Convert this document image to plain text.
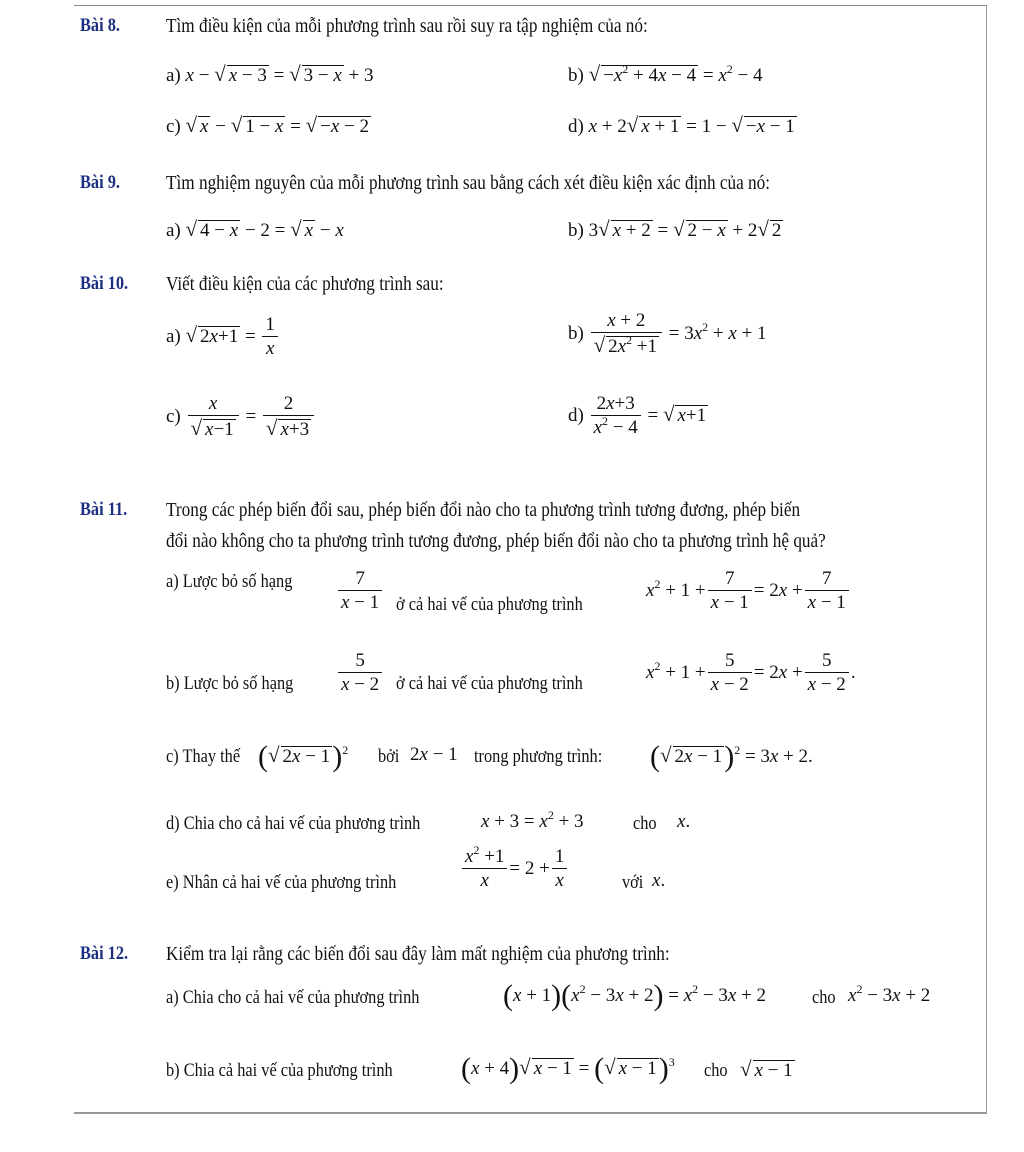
Bài 8. Tìm điều kiện của mỗi phương trình sau rồi suy ra tập nghiệm của nó:
a) x − √ x − 3 = √ 3 − x + 3	b) √ $-x^2 + 4x - 4 = x^2 - 4$
c) √ x − √ 1 − x = √ −x − 2	d) x + 2√ x + 1 = 1 − √ −x − 1
Bài 9. Tìm nghiệm nguyên của mỗi phương trình sau bằng cách xét điều kiện xác định của nó:
a) √ 4 − x − 2 = √ x − x	b) 3√ x + 2 = √ 2 − x + 2√ 2
Bài 10. Viết điều kiện của các phương trình sau:
a) √ $2x+1 = \frac{1}{x}$	$b) \frac{x + 2}{√ 2x^2 +1} = 3x^2 + x + 1$
$c) \frac{x}{√ x-1} = \frac{2}{√ x+3}$	$d) \frac{2x+3}{x^2 - 4}$ = √ x+1
Bài 11. Trong các phép biến đổi sau, phép biến đổi nào cho ta phương trình tương đương, phép biến
đổi nào không cho ta phương trình tương đương, phép biến đổi nào cho ta phương trình hệ quả?
a) Lược bỏ số hạng	$\frac{7}{x - 1}$ ở cả hai vế của phương trình
$x^2 + 1 + \frac{7}{x - 1} = 2x + \frac{7}{x - 1}$
b) Lược bỏ số hạng $\frac{5}{x - 2}$ ở cả hai vế của phương trình
$x^2 + 1 + \frac{5}{x - 2} = 2x + \frac{5}{x - 2}$ .
c) Thay thế (√ 2x − 1)$^2$ bởi 2x − 1 trong phương trình: (√ 2x − 1)$^2$ = 3x + 2.
d) Chia cho cả hai vế của phương trình	$x + 3 = x^2 + 3$	cho x.
e) Nhân cả hai vế của phương trình	$\frac{x^2 +1}{x} = 2 + \frac{1}{x}$	với x.
Bài 12. Kiểm tra lại rằng các biến đổi sau đây làm mất nghiệm của phương trình:
a) Chia cho cả hai vế của phương trình	$(x + 1)(x^2 - 3x + 2) = x^2 - 3x + 2$ cho $x^2 - 3x + 2$
b) Chia cả hai vế của phương trình (x + 4)√ x − 1 = (√ x − 1)$^3$ cho √ x − 1
